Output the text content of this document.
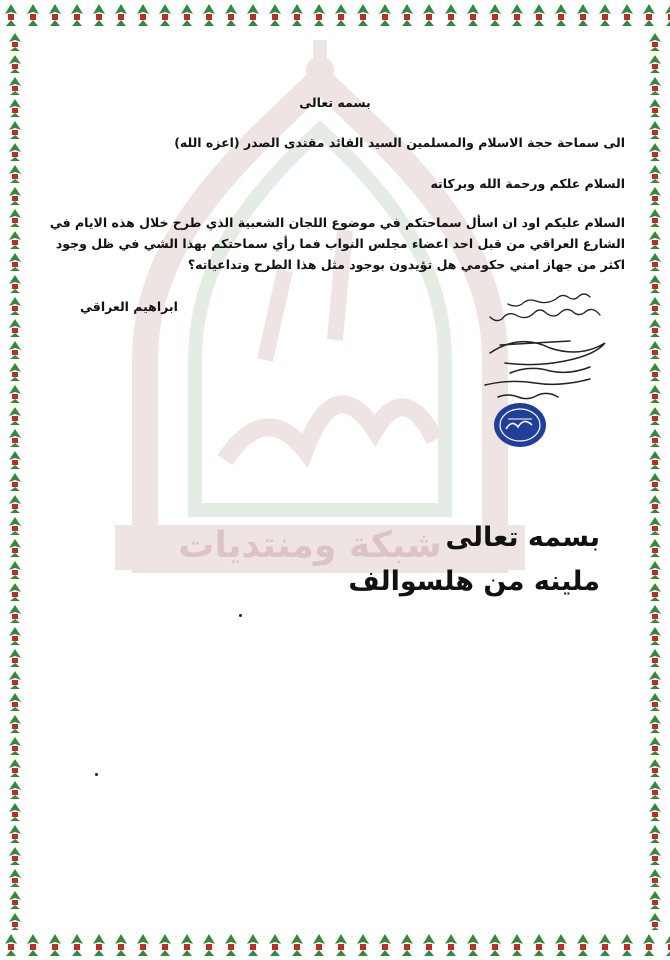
شبكة ومنتديات
بسمه تعالى
الى سماحة حجة الاسلام والمسلمين السيد القائد مقتدى الصدر (اعزه الله)
السلام علكم ورحمة الله وبركاته
السلام عليكم اود ان اسأل سماحتكم في موضوع اللجان الشعبية الذي طرح خلال هذه الايام في
الشارع العراقي من قبل احد اعضاء مجلس النواب فما رأي سماحتكم بهذا الشي في ظل وجود
اكثر من جهاز امني حكومي هل تؤيدون بوجود مثل هذا الطرح وتداعياته؟
ابراهيم العراقي
بسمه تعالى
ملينه من هلسوالف
